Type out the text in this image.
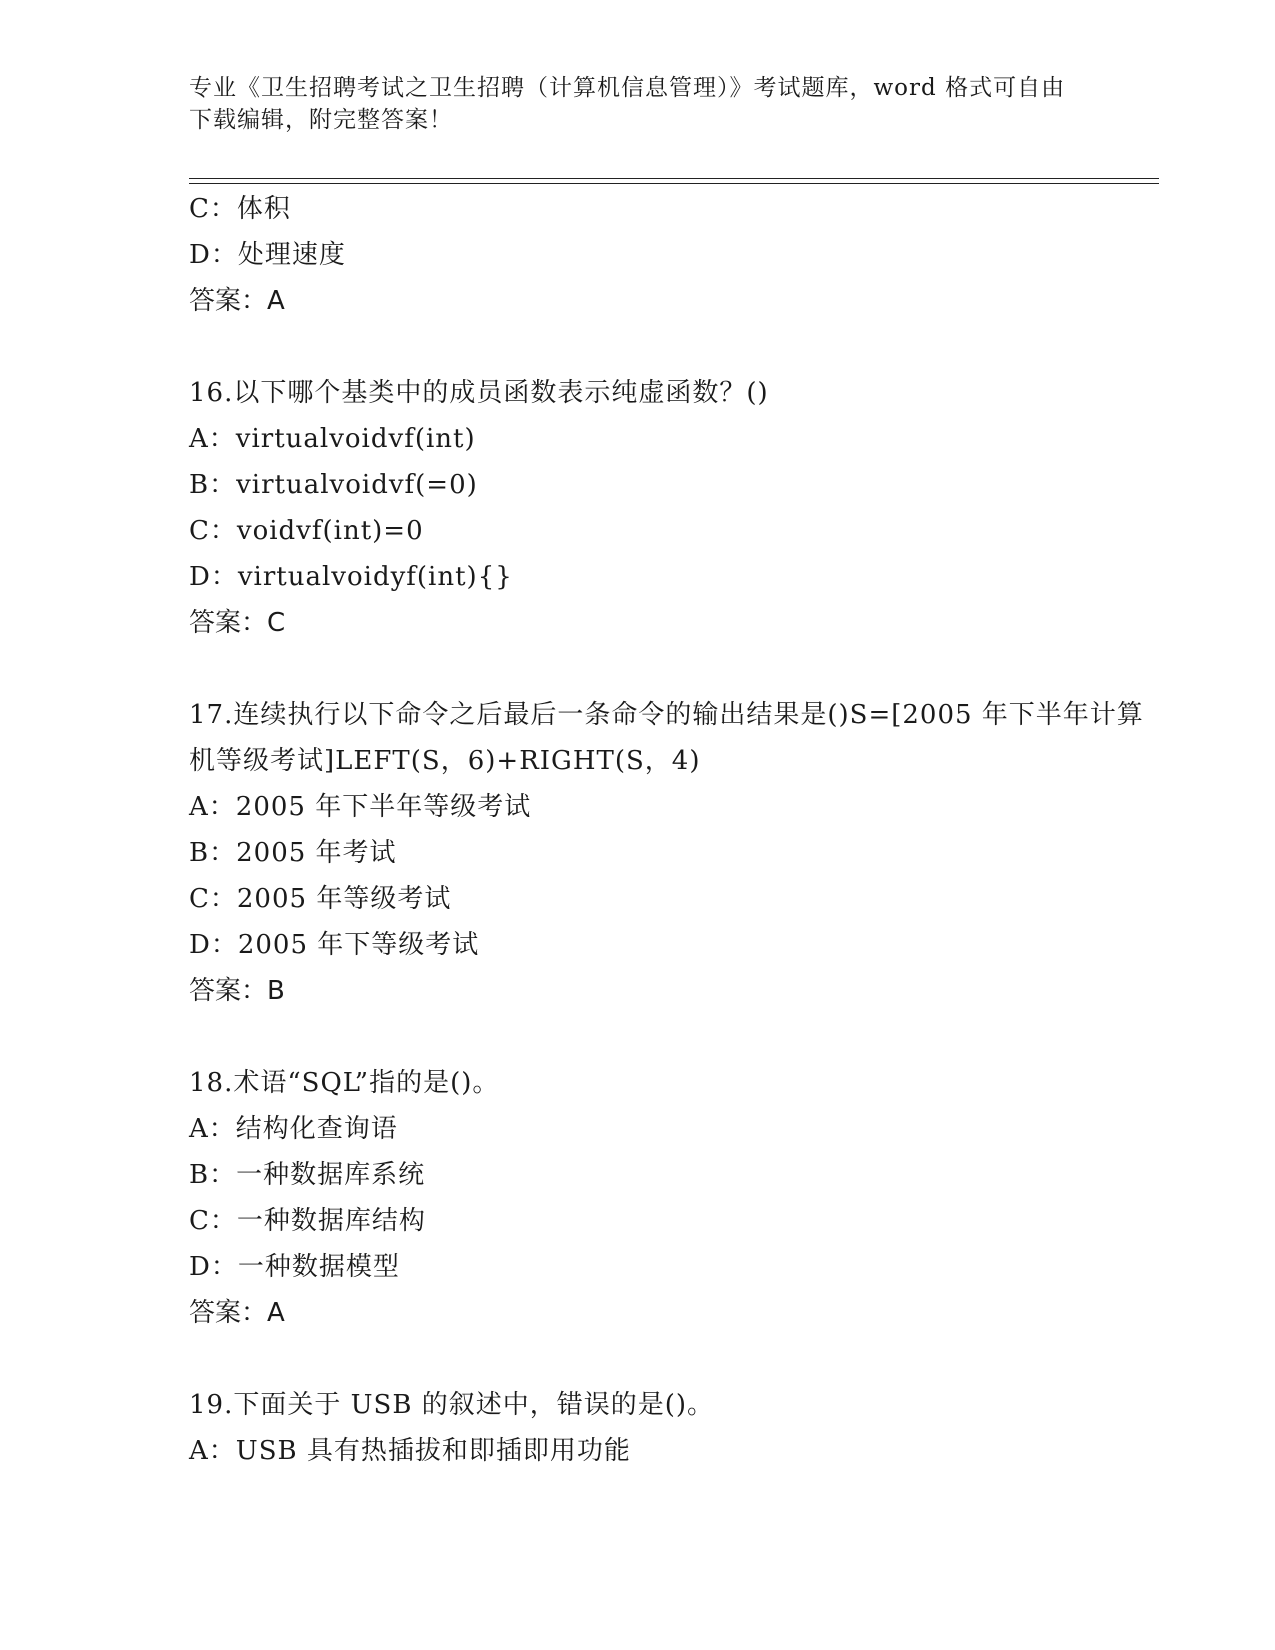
专业《卫生招聘考试之卫生招聘（计算机信息管理）》考试题库，word 格式可自由下载编辑，附完整答案！
C：体积
D：处理速度
答案：A
16.以下哪个基类中的成员函数表示纯虚函数？()
A：virtualvoidvf(int)
B：virtualvoidvf(=0)
C：voidvf(int)=0
D：virtualvoidyf(int){}
答案：C
17.连续执行以下命令之后最后一条命令的输出结果是()S=[2005 年下半年计算机等级考试]LEFT(S，6)+RIGHT(S，4)
A：2005 年下半年等级考试
B：2005 年考试
C：2005 年等级考试
D：2005 年下等级考试
答案：B
18.术语“SQL”指的是()。
A：结构化查询语
B：一种数据库系统
C：一种数据库结构
D：一种数据模型
答案：A
19.下面关于 USB 的叙述中，错误的是()。
A：USB 具有热插拔和即插即用功能
